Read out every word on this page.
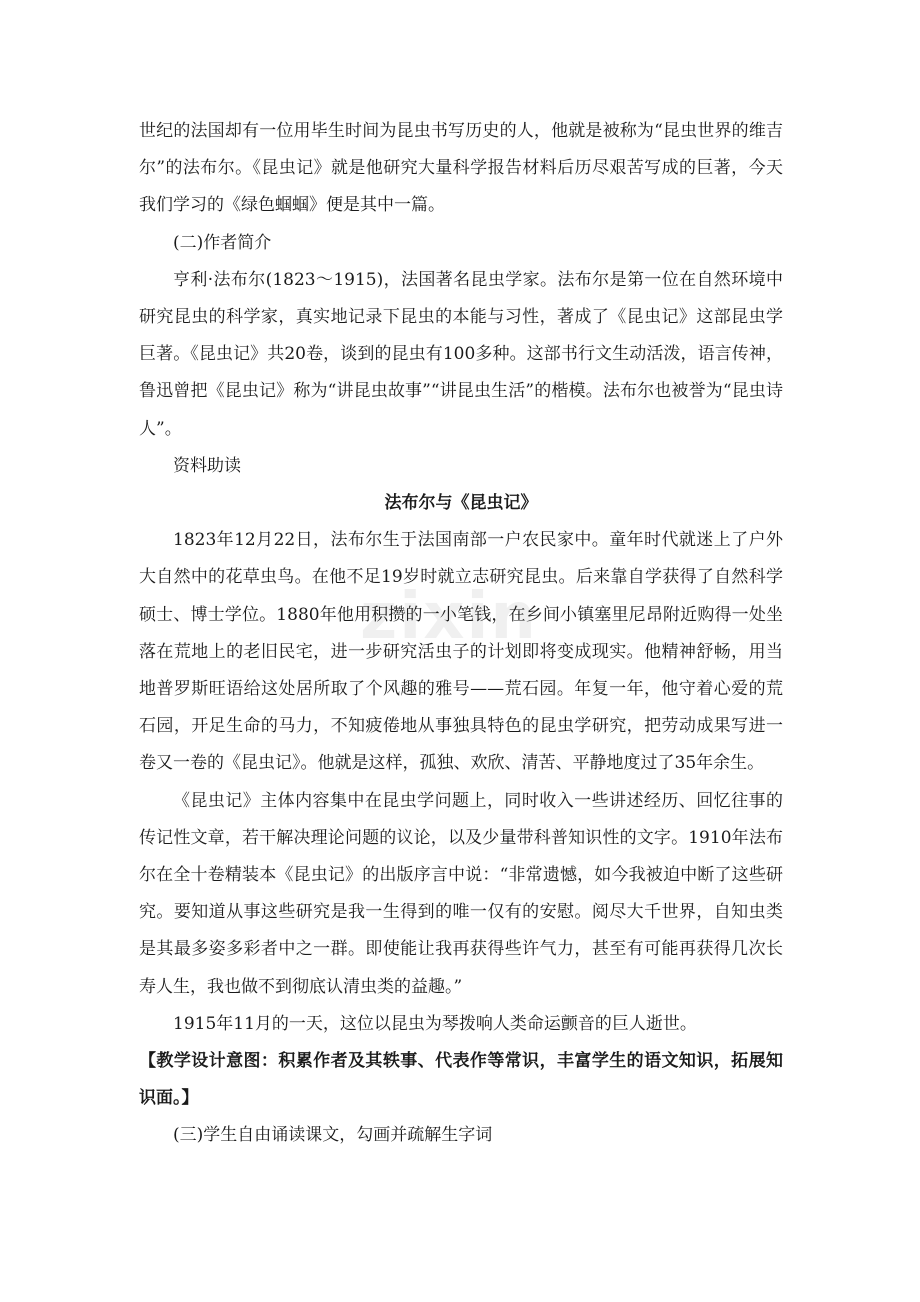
zixin

世纪的法国却有一位用毕生时间为昆虫书写历史的人，他就是被称为“昆虫世界的维吉尔”的法布尔。《昆虫记》就是他研究大量科学报告材料后历尽艰苦写成的巨著，今天我们学习的《绿色蝈蝈》便是其中一篇。

(二)作者简介

亨利·法布尔(1823～1915)，法国著名昆虫学家。法布尔是第一位在自然环境中研究昆虫的科学家，真实地记录下昆虫的本能与习性，著成了《昆虫记》这部昆虫学巨著。《昆虫记》共20卷，谈到的昆虫有100多种。这部书行文生动活泼，语言传神，鲁迅曾把《昆虫记》称为“讲昆虫故事”“讲昆虫生活”的楷模。法布尔也被誉为“昆虫诗人”。

资料助读

法布尔与《昆虫记》

1823年12月22日，法布尔生于法国南部一户农民家中。童年时代就迷上了户外大自然中的花草虫鸟。在他不足19岁时就立志研究昆虫。后来靠自学获得了自然科学硕士、博士学位。1880年他用积攒的一小笔钱，在乡间小镇塞里尼昂附近购得一处坐落在荒地上的老旧民宅，进一步研究活虫子的计划即将变成现实。他精神舒畅，用当地普罗斯旺语给这处居所取了个风趣的雅号——荒石园。年复一年，他守着心爱的荒石园，开足生命的马力，不知疲倦地从事独具特色的昆虫学研究，把劳动成果写进一卷又一卷的《昆虫记》。他就是这样，孤独、欢欣、清苦、平静地度过了35年余生。

《昆虫记》主体内容集中在昆虫学问题上，同时收入一些讲述经历、回忆往事的传记性文章，若干解决理论问题的议论，以及少量带科普知识性的文字。1910年法布尔在全十卷精装本《昆虫记》的出版序言中说：“非常遗憾，如今我被迫中断了这些研究。要知道从事这些研究是我一生得到的唯一仅有的安慰。阅尽大千世界，自知虫类是其最多姿多彩者中之一群。即使能让我再获得些许气力，甚至有可能再获得几次长寿人生，我也做不到彻底认清虫类的益趣。”

1915年11月的一天，这位以昆虫为琴拨响人类命运颤音的巨人逝世。

【教学设计意图：积累作者及其轶事、代表作等常识，丰富学生的语文知识，拓展知识面。】

(三)学生自由诵读课文，勾画并疏解生字词
